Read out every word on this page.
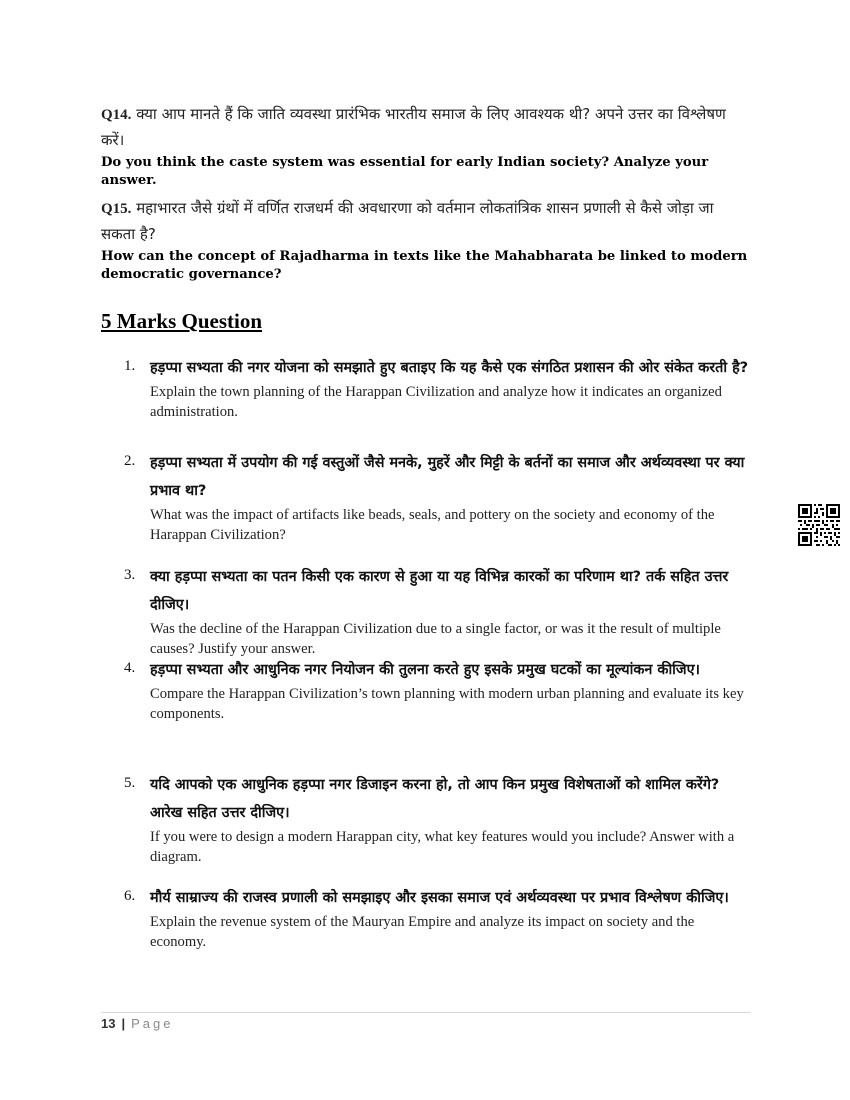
Q14. क्या आप मानते हैं कि जाति व्यवस्था प्रारंभिक भारतीय समाज के लिए आवश्यक थी? अपने उत्तर का विश्लेषण करें।
Do you think the caste system was essential for early Indian society? Analyze your answer.
Q15. महाभारत जैसे ग्रंथों में वर्णित राजधर्म की अवधारणा को वर्तमान लोकतांत्रिक शासन प्रणाली से कैसे जोड़ा जा सकता है?
How can the concept of Rajadharma in texts like the Mahabharata be linked to modern democratic governance?
5 Marks Question
1. हड़प्पा सभ्यता की नगर योजना को समझाते हुए बताइए कि यह कैसे एक संगठित प्रशासन की ओर संकेत करती है?
Explain the town planning of the Harappan Civilization and analyze how it indicates an organized administration.
2. हड़प्पा सभ्यता में उपयोग की गई वस्तुओं जैसे मनके, मुहरें और मिट्टी के बर्तनों का समाज और अर्थव्यवस्था पर क्या प्रभाव था?
What was the impact of artifacts like beads, seals, and pottery on the society and economy of the Harappan Civilization?
3. क्या हड़प्पा सभ्यता का पतन किसी एक कारण से हुआ या यह विभिन्न कारकों का परिणाम था? तर्क सहित उत्तर दीजिए।
Was the decline of the Harappan Civilization due to a single factor, or was it the result of multiple causes? Justify your answer.
4. हड़प्पा सभ्यता और आधुनिक नगर नियोजन की तुलना करते हुए इसके प्रमुख घटकों का मूल्यांकन कीजिए।
Compare the Harappan Civilization’s town planning with modern urban planning and evaluate its key components.
5. यदि आपको एक आधुनिक हड़प्पा नगर डिजाइन करना हो, तो आप किन प्रमुख विशेषताओं को शामिल करेंगे? आरेख सहित उत्तर दीजिए।
If you were to design a modern Harappan city, what key features would you include? Answer with a diagram.
6. मौर्य साम्राज्य की राजस्व प्रणाली को समझाइए और इसका समाज एवं अर्थव्यवस्था पर प्रभाव विश्लेषण कीजिए।
Explain the revenue system of the Mauryan Empire and analyze its impact on society and the economy.
13 | Page
